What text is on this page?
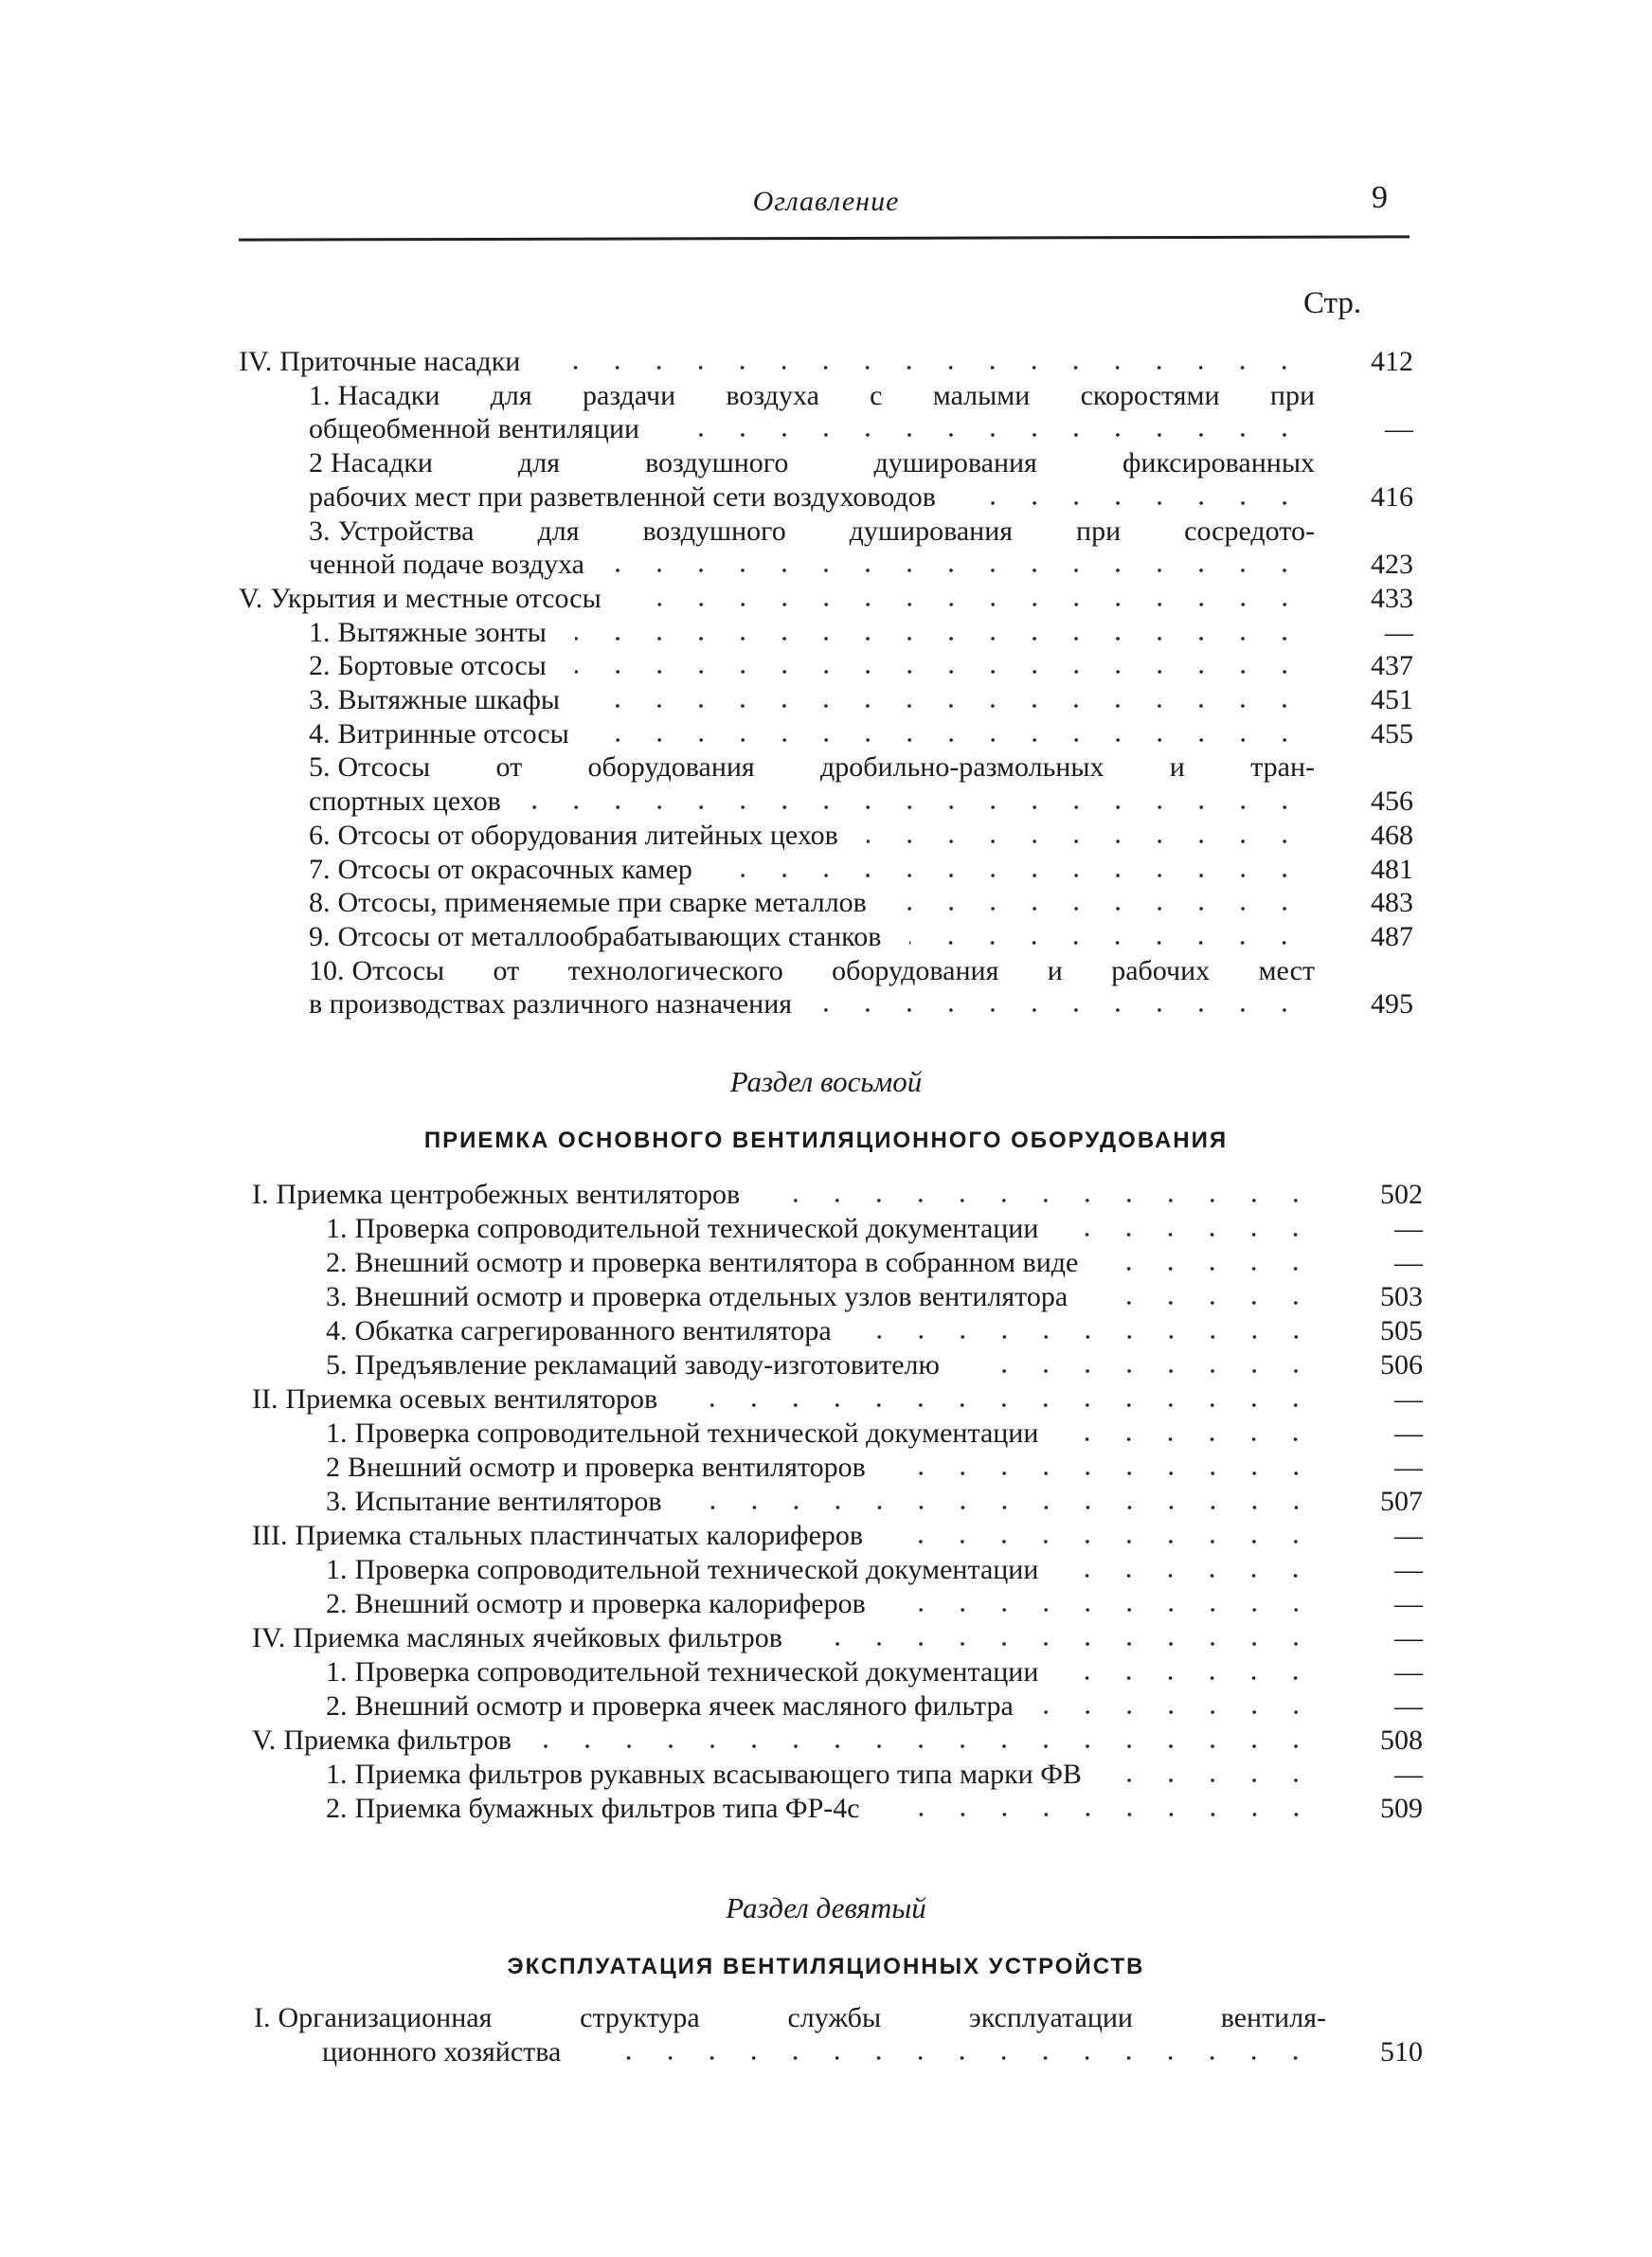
Оглавление	9
Стр.
412
IV. Приточные насадки
1. Насадки для раздачи воздуха с малыми скоростями при
—
общеобменной вентиляции
2 Насадки для воздушного душирования фиксированных
416
рабочих мест при разветвленной сети воздуховодов
3. Устройства для воздушного душирования при сосредото-
423
ченной подаче воздуха
433
V. Укрытия и местные отсосы
—
1. Вытяжные зонты
437
2. Бортовые отсосы
451
3. Вытяжные шкафы
455
4. Витринные отсосы
5. Отсосы от оборудования дробильно-размольных и тран-
456
спортных цехов
468
6. Отсосы от оборудования литейных цехов
481
7. Отсосы от окрасочных камер
483
8. Отсосы, применяемые при сварке металлов
487
9. Отсосы от металлообрабатывающих станков
10. Отсосы от технологического оборудования и рабочих мест
495
в производствах различного назначения
Раздел восьмой
ПРИЕМКА ОСНОВНОГО ВЕНТИЛЯЦИОННОГО ОБОРУДОВАНИЯ
502
I. Приемка центробежных вентиляторов
—
1. Проверка сопроводительной технической документации
—
2. Внешний осмотр и проверка вентилятора в собранном виде
503
3. Внешний осмотр и проверка отдельных узлов вентилятора
505
4. Обкатка сагрегированного вентилятора
506
5. Предъявление рекламаций заводу-изготовителю
—
II. Приемка осевых вентиляторов
—
1. Проверка сопроводительной технической документации
—
2 Внешний осмотр и проверка вентиляторов
507
3. Испытание вентиляторов
—
III. Приемка стальных пластинчатых калориферов
—
1. Проверка сопроводительной технической документации
—
2. Внешний осмотр и проверка калориферов
—
IV. Приемка масляных ячейковых фильтров
—
1. Проверка сопроводительной технической документации
—
2. Внешний осмотр и проверка ячеек масляного фильтра
508
V. Приемка фильтров
—
1. Приемка фильтров рукавных всасывающего типа марки ФВ
509
2. Приемка бумажных фильтров типа ФР-4с
Раздел девятый
ЭКСПЛУАТАЦИЯ ВЕНТИЛЯЦИОННЫХ УСТРОЙСТВ
I. Организационная структура службы эксплуатации вентиля-
510
ционного хозяйства
